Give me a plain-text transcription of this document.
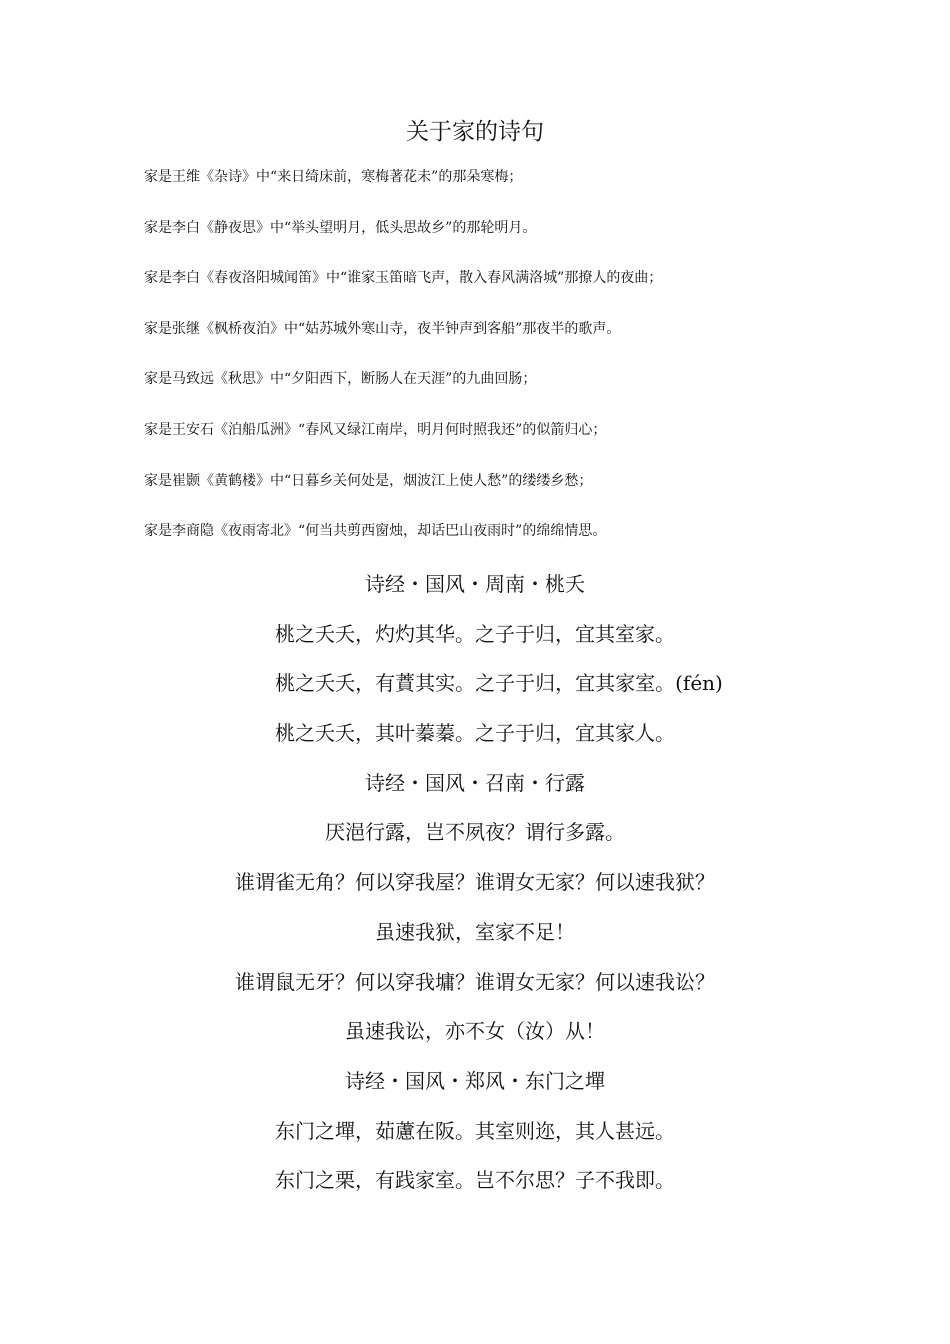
关于家的诗句
家是王维《杂诗》中“来日绮床前，寒梅著花未”的那朵寒梅；
家是李白《静夜思》中“举头望明月，低头思故乡”的那轮明月。
家是李白《春夜洛阳城闻笛》中“谁家玉笛暗飞声，散入春风满洛城”那撩人的夜曲；
家是张继《枫桥夜泊》中“姑苏城外寒山寺，夜半钟声到客船”那夜半的歌声。
家是马致远《秋思》中“夕阳西下，断肠人在天涯”的九曲回肠；
家是王安石《泊船瓜洲》“春风又绿江南岸，明月何时照我还”的似箭归心；
家是崔颢《黄鹤楼》中“日暮乡关何处是，烟波江上使人愁”的缕缕乡愁；
家是李商隐《夜雨寄北》“何当共剪西窗烛，却话巴山夜雨时”的绵绵情思。
诗经・国风・周南・桃夭
桃之夭夭，灼灼其华。之子于归，宜其室家。
桃之夭夭，有蕡其实。之子于归，宜其家室。(fén)
桃之夭夭，其叶蓁蓁。之子于归，宜其家人。
诗经・国风・召南・行露
厌浥行露，岂不夙夜？谓行多露。
谁谓雀无角？何以穿我屋？谁谓女无家？何以速我狱？
虽速我狱，室家不足！
谁谓鼠无牙？何以穿我墉？谁谓女无家？何以速我讼？
虽速我讼，亦不女（汝）从！
诗经・国风・郑风・东门之墠
东门之墠，茹藘在阪。其室则迩，其人甚远。
东门之栗，有践家室。岂不尔思？子不我即。
